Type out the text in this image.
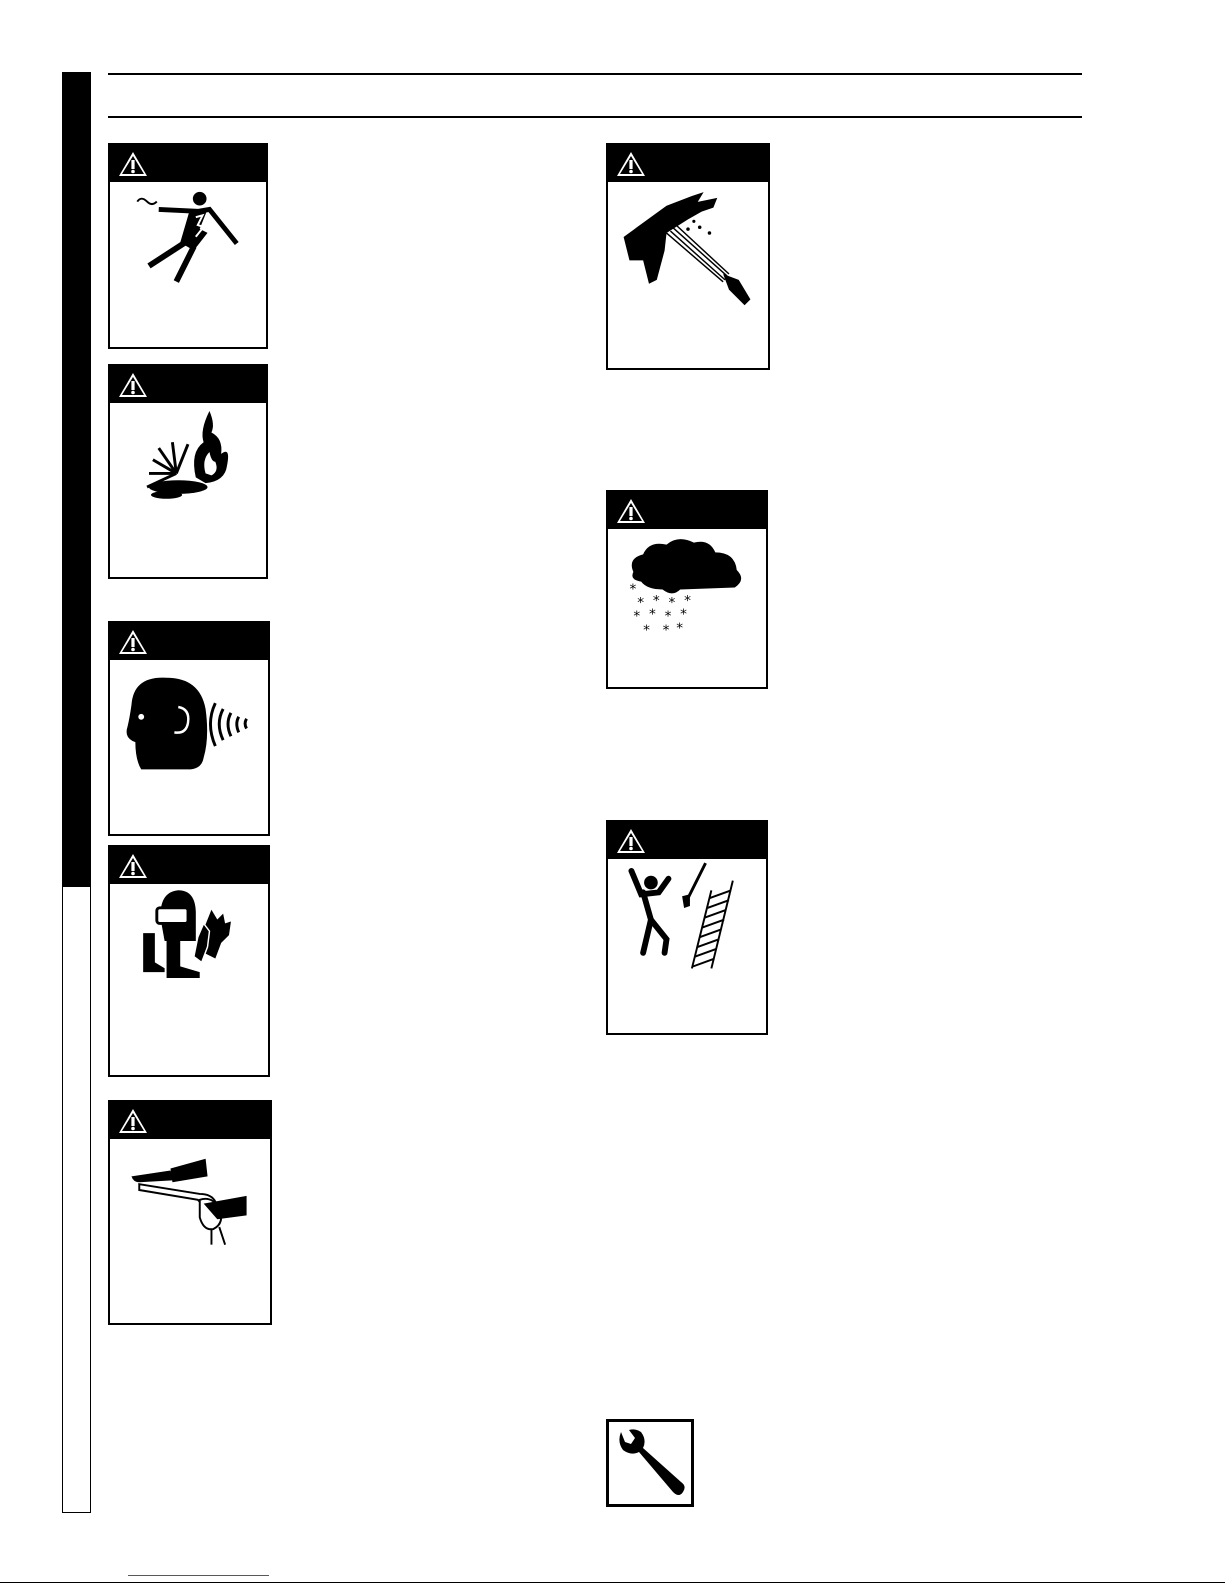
* * *
* * * *
* * * *
* * *
